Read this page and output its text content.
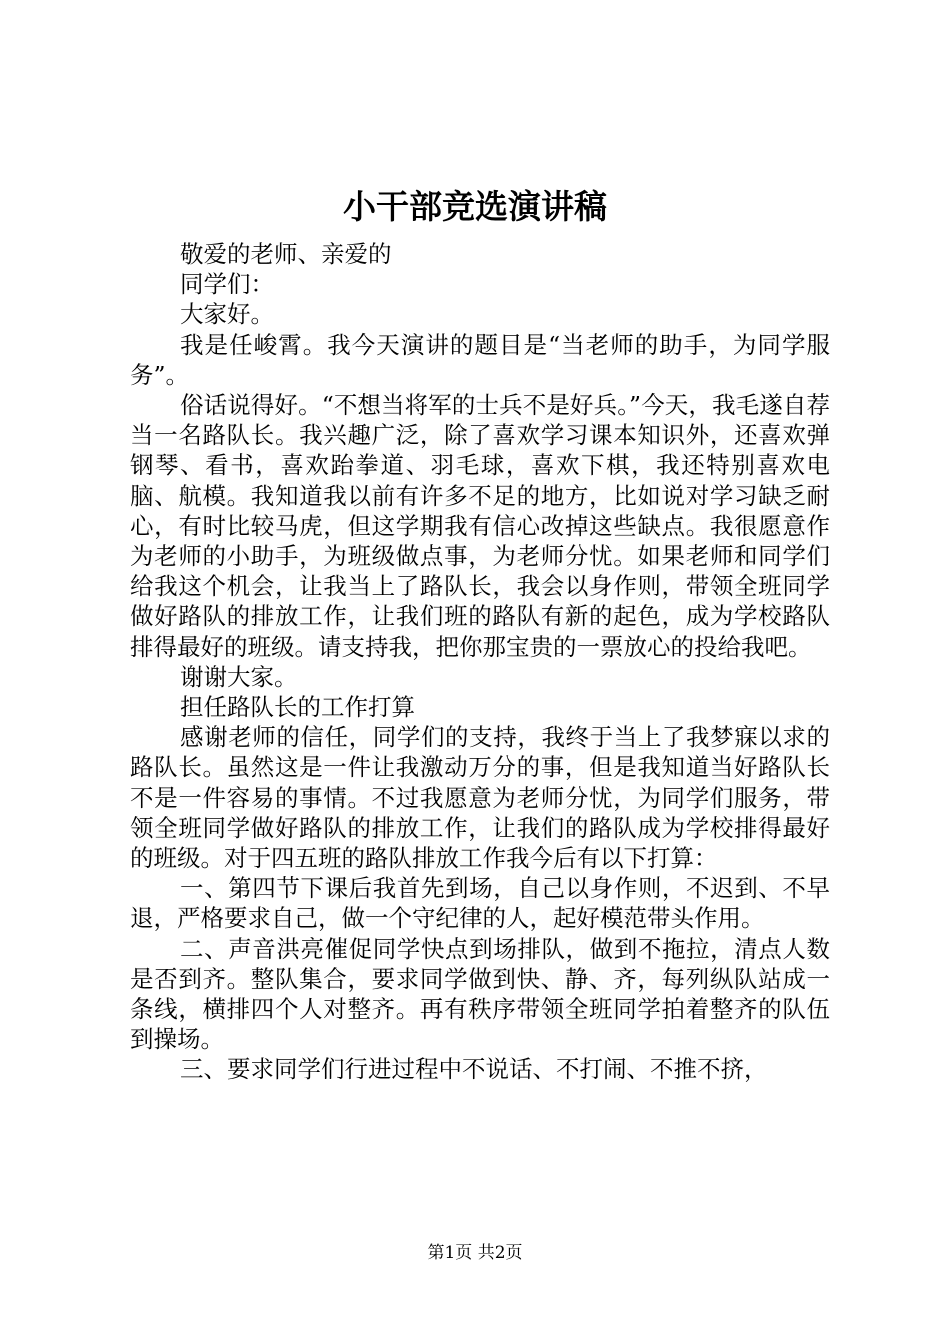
小干部竞选演讲稿

敬爱的老师、亲爱的

同学们：

大家好。

我是任峻霄。我今天演讲的题目是“当老师的助手，为同学服务”。

俗话说得好。“不想当将军的士兵不是好兵。”今天，我毛遂自荐当一名路队长。我兴趣广泛，除了喜欢学习课本知识外，还喜欢弹钢琴、看书，喜欢跆拳道、羽毛球，喜欢下棋，我还特别喜欢电脑、航模。我知道我以前有许多不足的地方，比如说对学习缺乏耐心，有时比较马虎，但这学期我有信心改掉这些缺点。我很愿意作为老师的小助手，为班级做点事，为老师分忧。如果老师和同学们给我这个机会，让我当上了路队长，我会以身作则，带领全班同学做好路队的排放工作，让我们班的路队有新的起色，成为学校路队排得最好的班级。请支持我，把你那宝贵的一票放心的投给我吧。

谢谢大家。

担任路队长的工作打算

感谢老师的信任，同学们的支持，我终于当上了我梦寐以求的路队长。虽然这是一件让我激动万分的事，但是我知道当好路队长不是一件容易的事情。不过我愿意为老师分忧，为同学们服务，带领全班同学做好路队的排放工作，让我们的路队成为学校排得最好的班级。对于四五班的路队排放工作我今后有以下打算：

一、第四节下课后我首先到场，自己以身作则，不迟到、不早退，严格要求自己，做一个守纪律的人，起好模范带头作用。

二、声音洪亮催促同学快点到场排队，做到不拖拉，清点人数是否到齐。整队集合，要求同学做到快、静、齐，每列纵队站成一条线，横排四个人对整齐。再有秩序带领全班同学拍着整齐的队伍到操场。

三、要求同学们行进过程中不说话、不打闹、不推不挤，

第1页 共2页
